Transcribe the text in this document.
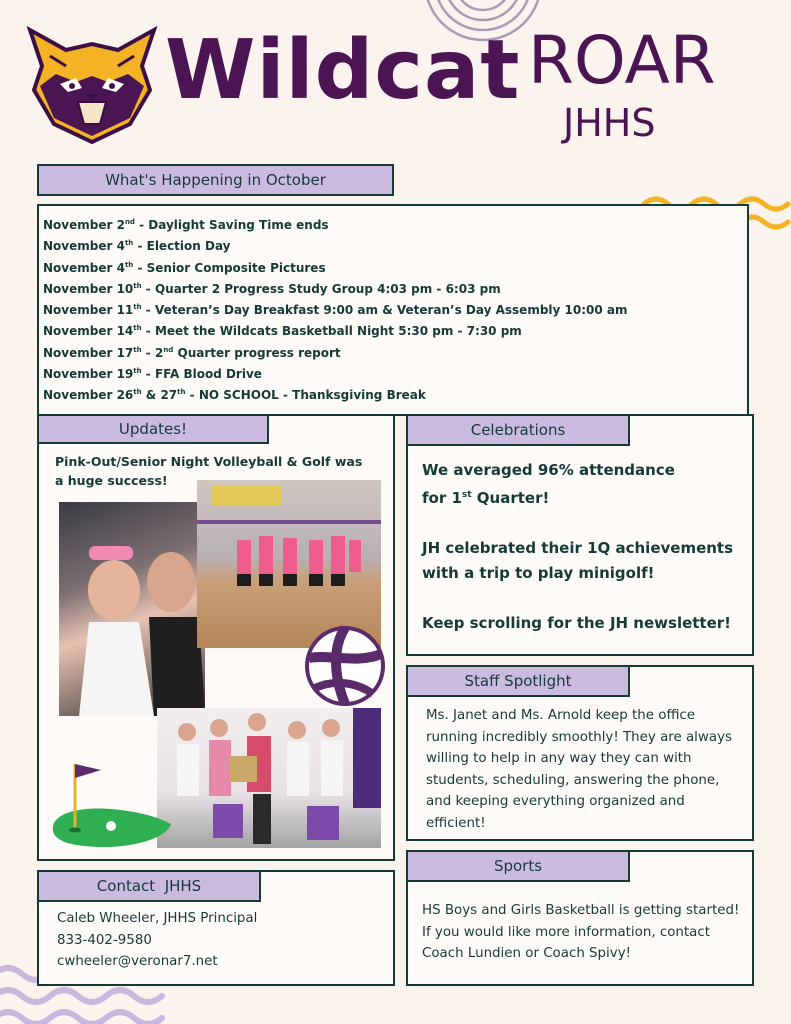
Wildcat ROAR
JHHS
November 2nd - Daylight Saving Time ends
November 4th - Election Day
November 4th - Senior Composite Pictures
November 10th - Quarter 2 Progress Study Group 4:03 pm - 6:03 pm
November 11th - Veteran’s Day Breakfast 9:00 am & Veteran’s Day Assembly 10:00 am
November 14th - Meet the Wildcats Basketball Night 5:30 pm - 7:30 pm
November 17th - 2nd Quarter progress report
November 19th - FFA Blood Drive
November 26th & 27th - NO SCHOOL - Thanksgiving Break
What's Happening in October
Pink-Out/Senior Night Volleyball & Golf was a huge success!
Updates!
We averaged 96% attendance
for 1st Quarter!
JH celebrated their 1Q achievements with a trip to play minigolf!
Keep scrolling for the JH newsletter!
Celebrations
Ms. Janet and Ms. Arnold keep the office running incredibly smoothly! They are always willing to help in any way they can with students, scheduling, answering the phone, and keeping everything organized and efficient!
Staff Spotlight
Caleb Wheeler, JHHS Principal
833-402-9580
cwheeler@veronar7.net
Contact  JHHS
HS Boys and Girls Basketball is getting started! If you would like more information, contact Coach Lundien or Coach Spivy!
Sports
